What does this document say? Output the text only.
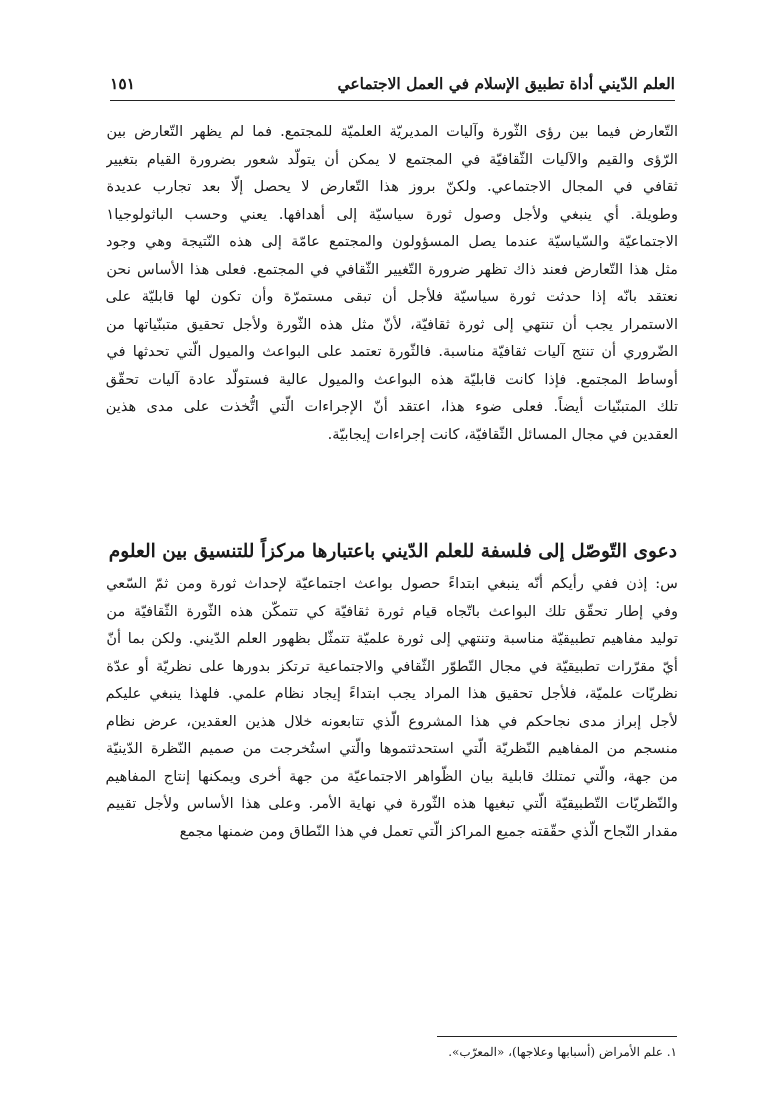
العلم الدّيني أداة تطبيق الإسلام في العمل الاجتماعي
١٥١
التّعارض فيما بين رؤى الثّورة وآليات المديريّة العلميّة للمجتمع. فما لم يظهر التّعارض بين
الرّؤى والقيم والآليات الثّقافيّة في المجتمع لا يمكن أن يتولّد شعور بضرورة القيام بتغيير
ثقافي في المجال الاجتماعي. ولكنّ بروز هذا التّعارض لا يحصل إلّا بعد تجارب عديدة
وطويلة. أي ينبغي ولأجل وصول ثورة سياسيّة إلى أهدافها. يعني وحسب الباثولوجيا١
الاجتماعيّة والسّياسيّة عندما يصل المسؤولون والمجتمع عامّة إلى هذه النّتيجة وهي وجود
مثل هذا التّعارض فعند ذاك تظهر ضرورة التّغيير الثّقافي في المجتمع. فعلى هذا الأساس نحن
نعتقد بانّه إذا حدثت ثورة سياسيّة فلأجل أن تبقى مستمرّة وأن تكون لها قابليّة على
الاستمرار يجب أن تنتهي إلى ثورة ثقافيّة، لأنّ مثل هذه الثّورة ولأجل تحقيق متبنّياتها من
الضّروري أن تنتج آليات ثقافيّة مناسبة. فالثّورة تعتمد على البواعث والميول الّتي تحدثها في
أوساط المجتمع. فإذا كانت قابليّة هذه البواعث والميول عالية فستولّد عادة آليات تحقّق
تلك المتبنّيات أيضاً. فعلى ضوء هذا، اعتقد أنّ الإجراءات الّتي اتُّخذت على مدى هذين
العقدين في مجال المسائل الثّقافيّة، كانت إجراءات إيجابيّة.
دعوى التّوصّل إلى فلسفة للعلم الدّيني باعتبارها مركزاً للتنسيق بين العلوم
س: إذن ففي رأيكم أنّه ينبغي ابتداءً حصول بواعث اجتماعيّة لإحداث ثورة ومن ثمّ السّعي
وفي إطار تحقّق تلك البواعث باتّجاه قيام ثورة ثقافيّة كي تتمكّن هذه الثّورة الثّقافيّة من
توليد مفاهيم تطبيقيّة مناسبة وتنتهي إلى ثورة علميّة تتمثّل بظهور العلم الدّيني. ولكن بما أنّ
أيّ مقرّرات تطبيقيّة في مجال التّطوّر الثّقافي والاجتماعية ترتكز بدورها على نظريّة أو عدّة
نظريّات علميّة، فلأجل تحقيق هذا المراد يجب ابتداءً إيجاد نظام علمي. فلهذا ينبغي عليكم
لأجل إبراز مدى نجاحكم في هذا المشروع الّذي تتابعونه خلال هذين العقدين، عرض نظام
منسجم من المفاهيم النّظريّة الّتي استحدثتموها والّتي استُخرجت من صميم النّظرة الدّينيّة
من جهة، والّتي تمتلك قابلية بيان الظّواهر الاجتماعيّة من جهة أخرى ويمكنها إنتاج المفاهيم
والنّظريّات التّطبيقيّة الّتي تبغيها هذه الثّورة في نهاية الأمر. وعلى هذا الأساس ولأجل تقييم
مقدار النّجاح الّذي حقّقته جميع المراكز الّتي تعمل في هذا النّطاق ومن ضمنها مجمع
١. علم الأمراض (أسبابها وعلاجها)، «المعرّب».
